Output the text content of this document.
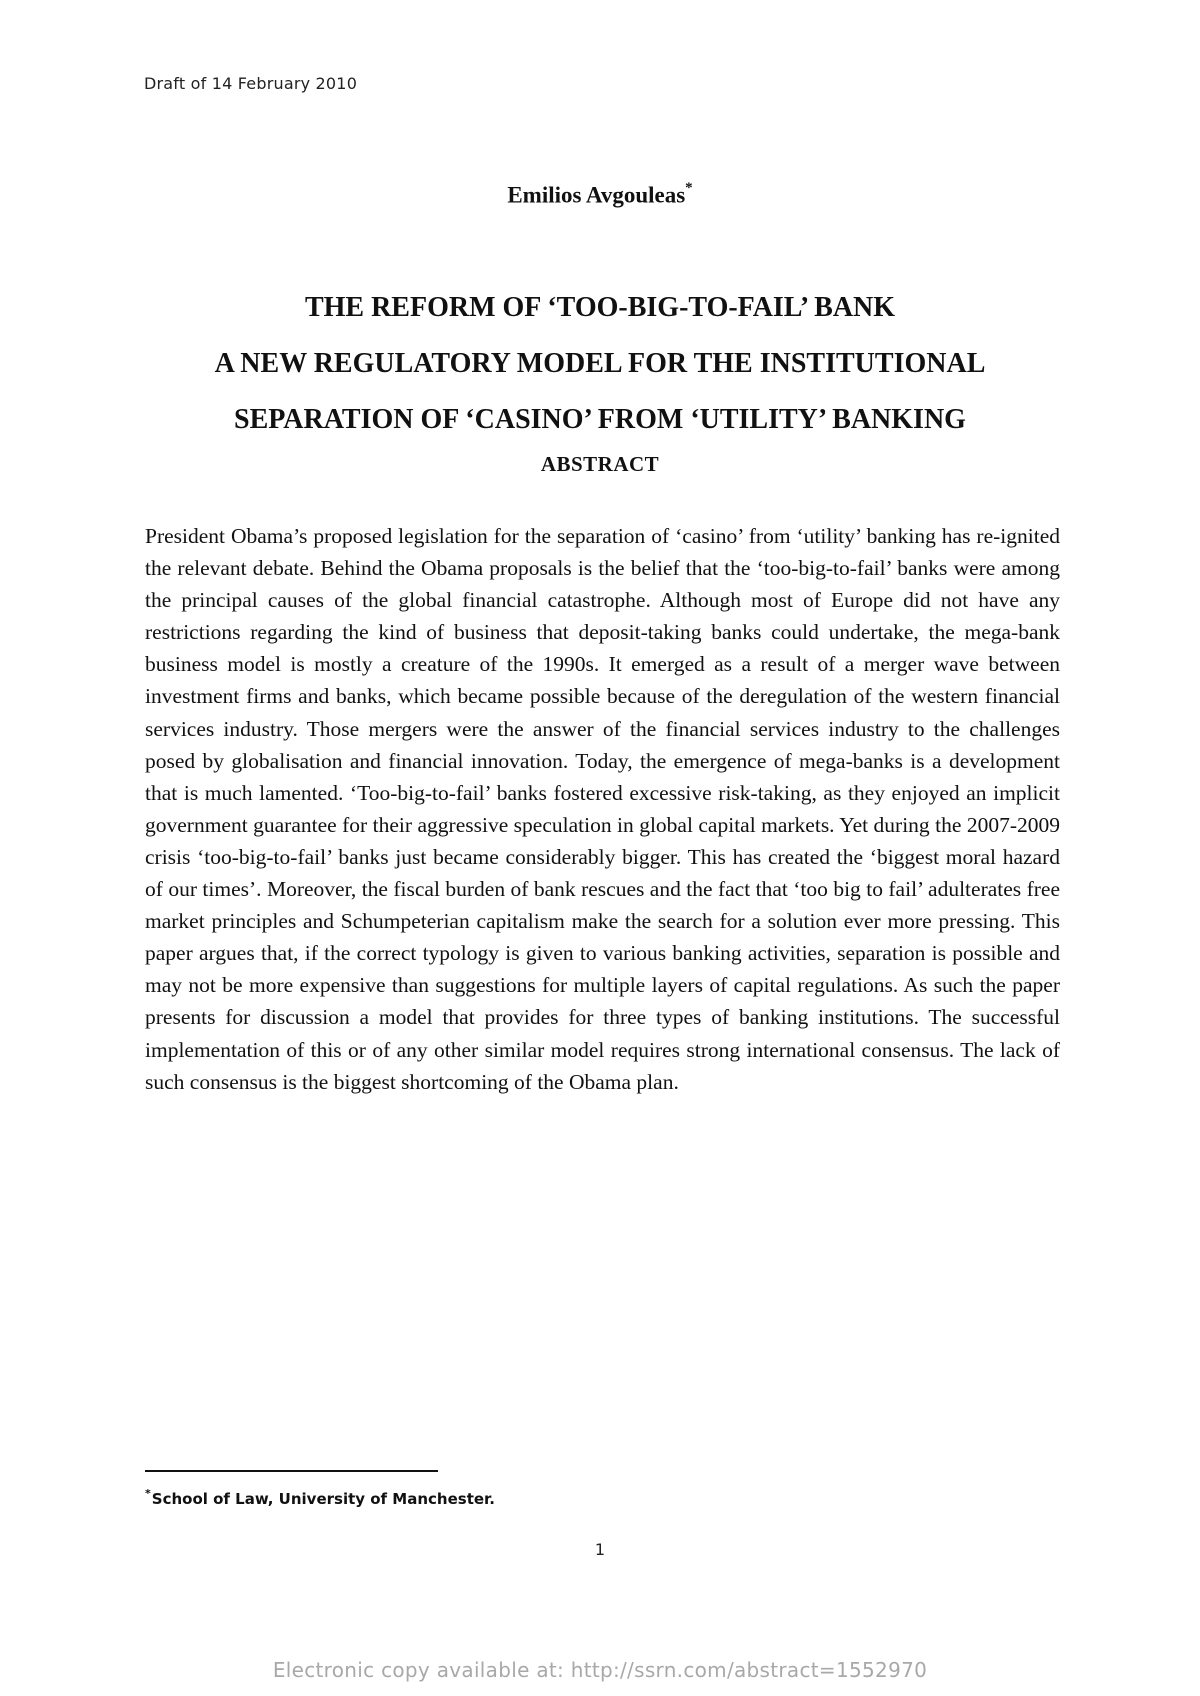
Draft of 14 February 2010
Emilios Avgouleas*
THE REFORM OF ‘TOO-BIG-TO-FAIL’ BANK
A NEW REGULATORY MODEL FOR THE INSTITUTIONAL
SEPARATION OF ‘CASINO’ FROM ‘UTILITY’ BANKING
ABSTRACT

President Obama’s proposed legislation for the separation of ‘casino’ from ‘utility’ banking has re-ignited the relevant debate. Behind the Obama proposals is the belief that the ‘too-big-to-fail’ banks were among the principal causes of the global financial catastrophe. Although most of Europe did not have any restrictions regarding the kind of business that deposit-taking banks could undertake, the mega-bank business model is mostly a creature of the 1990s. It emerged as a result of a merger wave between investment firms and banks, which became possible because of the deregulation of the western financial services industry. Those mergers were the answer of the financial services industry to the challenges posed by globalisation and financial innovation. Today, the emergence of mega-banks is a development that is much lamented. ‘Too-big-to-fail’ banks fostered excessive risk-taking, as they enjoyed an implicit government guarantee for their aggressive speculation in global capital markets. Yet during the 2007-2009 crisis ‘too-big-to-fail’ banks just became considerably bigger. This has created the ‘biggest moral hazard of our times’. Moreover, the fiscal burden of bank rescues and the fact that ‘too big to fail’ adulterates free market principles and Schumpeterian capitalism make the search for a solution ever more pressing. This paper argues that, if the correct typology is given to various banking activities, separation is possible and may not be more expensive than suggestions for multiple layers of capital regulations. As such the paper presents for discussion a model that provides for three types of banking institutions. The successful implementation of this or of any other similar model requires strong international consensus. The lack of such consensus is the biggest shortcoming of the Obama plan.

*School of Law, University of Manchester.
1
Electronic copy available at: http://ssrn.com/abstract=1552970
